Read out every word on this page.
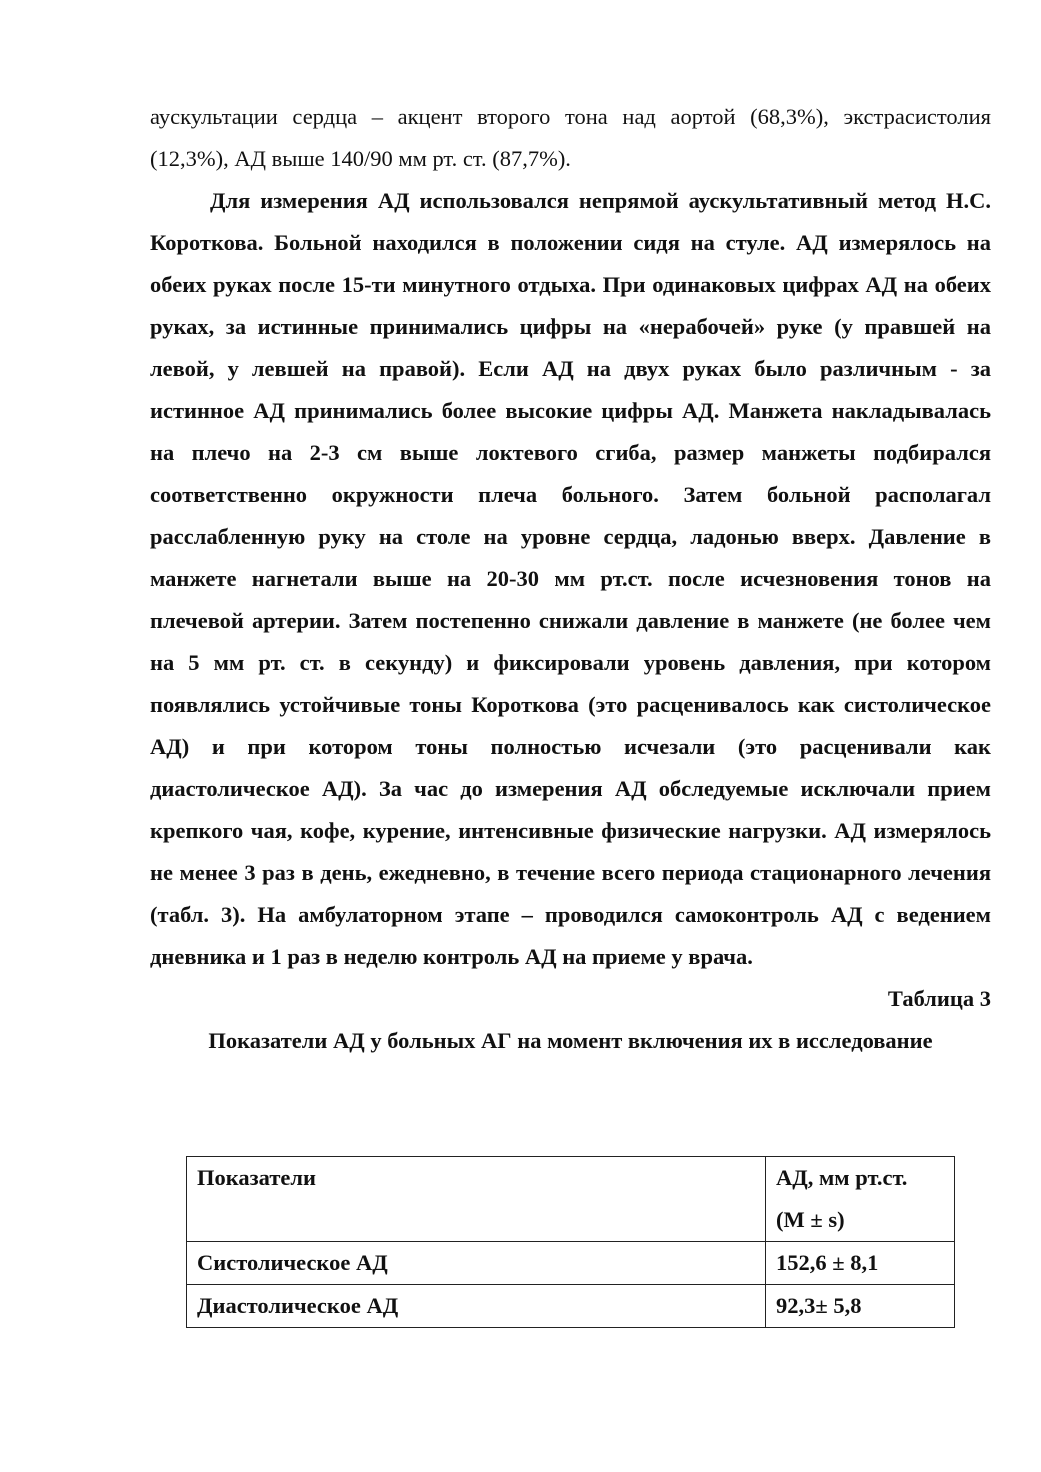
аускультации сердца – акцент второго тона над аортой (68,3%), экстрасистолия (12,3%), АД выше 140/90 мм рт. ст. (87,7%).

Для измерения АД использовался непрямой аускультативный метод Н.С. Короткова. Больной находился в положении сидя на стуле. АД измерялось на обеих руках после 15-ти минутного отдыха. При одинаковых цифрах АД на обеих руках, за истинные принимались цифры на «нерабочей» руке (у правшей на левой, у левшей на правой). Если АД на двух руках было различным - за истинное АД принимались более высокие цифры АД. Манжета накладывалась на плечо на 2-3 см выше локтевого сгиба, размер манжеты подбирался соответственно окружности плеча больного. Затем больной располагал расслабленную руку на столе на уровне сердца, ладонью вверх. Давление в манжете нагнетали выше на 20-30 мм рт.ст. после исчезновения тонов на плечевой артерии. Затем постепенно снижали давление в манжете (не более чем на 5 мм рт. ст. в секунду) и фиксировали уровень давления, при котором появлялись устойчивые тоны Короткова (это расценивалось как систолическое АД) и при котором тоны полностью исчезали (это расценивали как диастолическое АД). За час до измерения АД обследуемые исключали прием крепкого чая, кофе, курение, интенсивные физические нагрузки. АД измерялось не менее 3 раз в день, ежедневно, в течение всего периода стационарного лечения (табл. 3). На амбулаторном этапе – проводился самоконтроль АД с ведением дневника и 1 раз в неделю контроль АД на приеме у врача.

Таблица 3

Показатели АД у больных АГ на момент включения их в исследование

Показатели	АД, мм рт.ст.
(M ± s)

Систолическое АД	152,6 ± 8,1
Диастолическое АД	92,3± 5,8
